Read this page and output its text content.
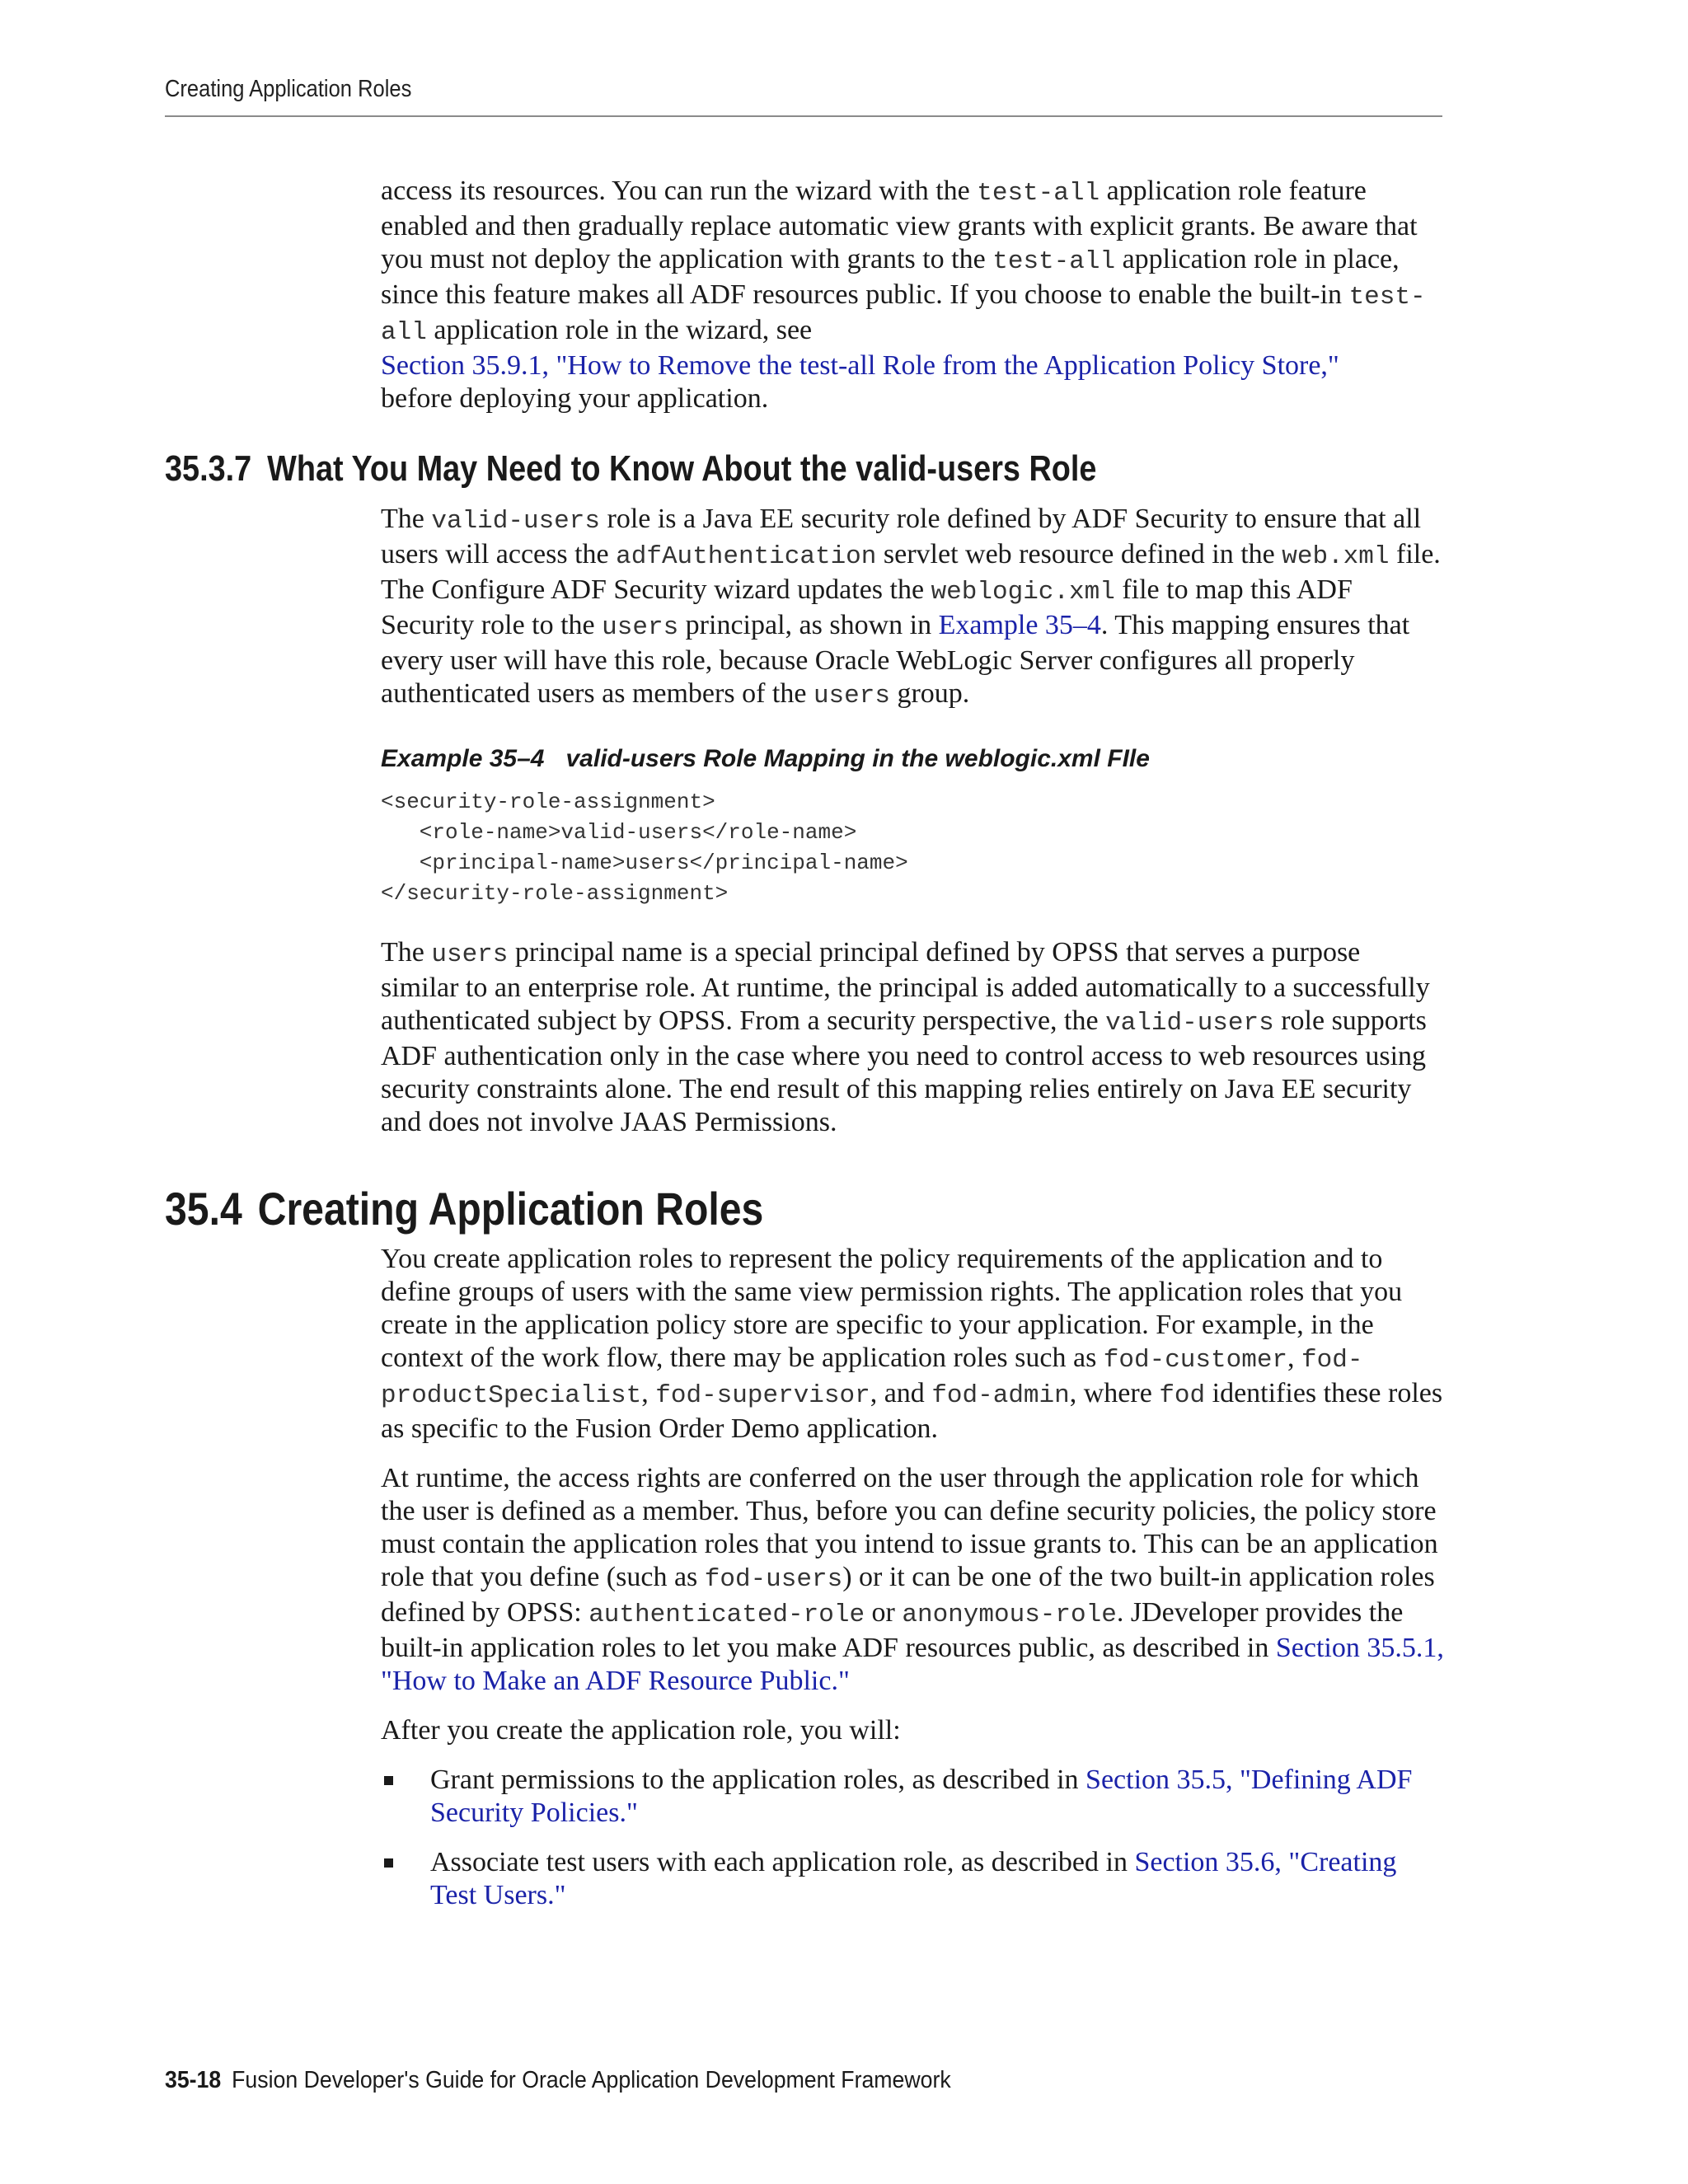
Creating Application Roles

access its resources. You can run the wizard with the test-all application role feature enabled and then gradually replace automatic view grants with explicit grants. Be aware that you must not deploy the application with grants to the test-all application role in place, since this feature makes all ADF resources public. If you choose to enable the built-in test-all application role in the wizard, see
Section 35.9.1, "How to Remove the test-all Role from the Application Policy Store,"
before deploying your application.

35.3.7 What You May Need to Know About the valid-users Role

The valid-users role is a Java EE security role defined by ADF Security to ensure that all users will access the adfAuthentication servlet web resource defined in the web.xml file. The Configure ADF Security wizard updates the weblogic.xml file to map this ADF Security role to the users principal, as shown in Example 35–4. This mapping ensures that every user will have this role, because Oracle WebLogic Server configures all properly authenticated users as members of the users group.

Example 35–4 valid-users Role Mapping in the weblogic.xml FIle
<security-role-assignment>
<role-name>valid-users</role-name>
<principal-name>users</principal-name>
</security-role-assignment>

The users principal name is a special principal defined by OPSS that serves a purpose similar to an enterprise role. At runtime, the principal is added automatically to a successfully authenticated subject by OPSS. From a security perspective, the valid-users role supports ADF authentication only in the case where you need to control access to web resources using security constraints alone. The end result of this mapping relies entirely on Java EE security and does not involve JAAS Permissions.

35.4 Creating Application Roles

You create application roles to represent the policy requirements of the application and to define groups of users with the same view permission rights. The application roles that you create in the application policy store are specific to your application. For example, in the context of the work flow, there may be application roles such as fod-customer, fod-productSpecialist, fod-supervisor, and fod-admin, where fod identifies these roles as specific to the Fusion Order Demo application.

At runtime, the access rights are conferred on the user through the application role for which the user is defined as a member. Thus, before you can define security policies, the policy store must contain the application roles that you intend to issue grants to. This can be an application role that you define (such as fod-users) or it can be one of the two built-in application roles defined by OPSS: authenticated-role or anonymous-role. JDeveloper provides the built-in application roles to let you make ADF resources public, as described in Section 35.5.1, "How to Make an ADF Resource Public."

After you create the application role, you will:

Grant permissions to the application roles, as described in Section 35.5, "Defining ADF Security Policies."
Associate test users with each application role, as described in Section 35.6, "Creating Test Users."
35-18 Fusion Developer's Guide for Oracle Application Development Framework
